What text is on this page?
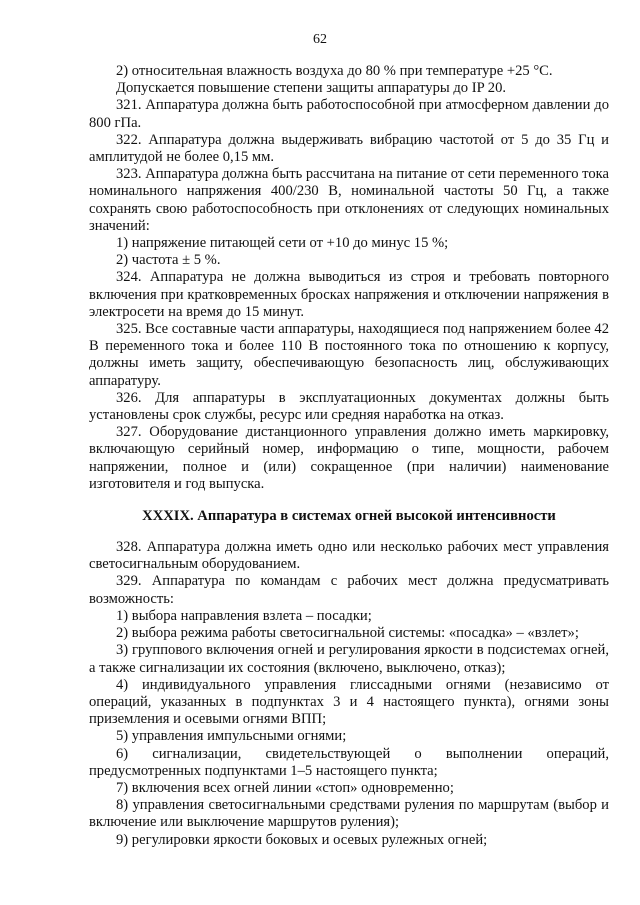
62

2) относительная влажность воздуха до 80 % при температуре +25 °С.

Допускается повышение степени защиты аппаратуры до IP 20.

321. Аппаратура должна быть работоспособной при атмосферном давлении до 800 гПа.

322. Аппаратура должна выдерживать вибрацию частотой от 5 до 35 Гц и амплитудой не более 0,15 мм.

323. Аппаратура должна быть рассчитана на питание от сети переменного тока номинального напряжения 400/230 В, номинальной частоты 50 Гц, а также сохранять свою работоспособность при отклонениях от следующих номинальных значений:

1) напряжение питающей сети от +10 до минус 15 %;

2) частота ± 5 %.

324. Аппаратура не должна выводиться из строя и требовать повторного включения при кратковременных бросках напряжения и отключении напряжения в электросети на время до 15 минут.

325. Все составные части аппаратуры, находящиеся под напряжением более 42 В переменного тока и более 110 В постоянного тока по отношению к корпусу, должны иметь защиту, обеспечивающую безопасность лиц, обслуживающих аппаратуру.

326. Для аппаратуры в эксплуатационных документах должны быть установлены срок службы, ресурс или средняя наработка на отказ.

327. Оборудование дистанционного управления должно иметь маркировку, включающую серийный номер, информацию о типе, мощности, рабочем напряжении, полное и (или) сокращенное (при наличии) наименование изготовителя и год выпуска.

XXXIX. Аппаратура в системах огней высокой интенсивности

328. Аппаратура должна иметь одно или несколько рабочих мест управления светосигнальным оборудованием.

329. Аппаратура по командам с рабочих мест должна предусматривать возможность:

1) выбора направления взлета – посадки;

2) выбора режима работы светосигнальной системы: «посадка» – «взлет»;

3) группового включения огней и регулирования яркости в подсистемах огней, а также сигнализации их состояния (включено, выключено, отказ);

4) индивидуального управления глиссадными огнями (независимо от операций, указанных в подпунктах 3 и 4 настоящего пункта), огнями зоны приземления и осевыми огнями ВПП;

5) управления импульсными огнями;

6) сигнализации, свидетельствующей о выполнении операций, предусмотренных подпунктами 1–5 настоящего пункта;

7) включения всех огней линии «стоп» одновременно;

8) управления светосигнальными средствами руления по маршрутам (выбор и включение или выключение маршрутов руления);

9) регулировки яркости боковых и осевых рулежных огней;
